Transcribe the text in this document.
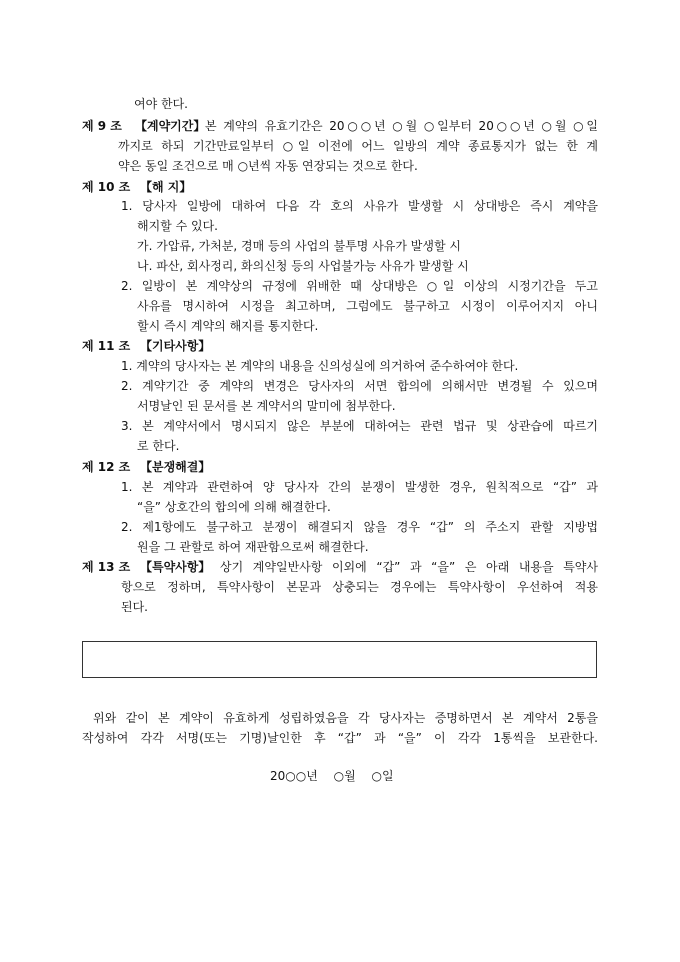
여야 한다.
제 9 조 【계약기간】 본 계약의 유효기간은 20○○년 ○월 ○일부터 20○○년 ○월 ○일
까지로 하되 기간만료일부터 ○일 이전에 어느 일방의 계약 종료통지가 없는 한 계
약은 동일 조건으로 매 ○년씩 자동 연장되는 것으로 한다.
제 10 조 【해 지】
1. 당사자 일방에 대하여 다음 각 호의 사유가 발생할 시 상대방은 즉시 계약을
해지할 수 있다.
가. 가압류, 가처분, 경매 등의 사업의 불투명 사유가 발생할 시
나. 파산, 회사정리, 화의신청 등의 사업불가능 사유가 발생할 시
2. 일방이 본 계약상의 규정에 위배한 때 상대방은 ○일 이상의 시정기간을 두고
사유를 명시하여 시정을 최고하며, 그럼에도 불구하고 시정이 이루어지지 아니
할시 즉시 계약의 해지를 통지한다.
제 11 조 【기타사항】
1. 계약의 당사자는 본 계약의 내용을 신의성실에 의거하여 준수하여야 한다.
2. 계약기간 중 계약의 변경은 당사자의 서면 합의에 의해서만 변경될 수 있으며
서명날인 된 문서를 본 계약서의 말미에 첨부한다.
3. 본 계약서에서 명시되지 않은 부분에 대하여는 관련 법규 및 상관습에 따르기
로 한다.
제 12 조 【분쟁해결】
1. 본 계약과 관련하여 양 당사자 간의 분쟁이 발생한 경우, 원칙적으로 “갑” 과
“을” 상호간의 합의에 의해 해결한다.
2. 제1항에도 불구하고 분쟁이 해결되지 않을 경우 “갑” 의 주소지 관할 지방법
원을 그 관할로 하여 재판함으로써 해결한다.
제 13 조 【특약사항】 상기 계약일반사항 이외에 “갑” 과 “을” 은 아래 내용을 특약사
항으로 정하며, 특약사항이 본문과 상충되는 경우에는 특약사항이 우선하여 적용
된다.
위와 같이 본 계약이 유효하게 성립하였음을 각 당사자는 증명하면서 본 계약서 2통을
작성하여 각각 서명(또는 기명)날인한 후 “갑” 과 “을” 이 각각 1통씩을 보관한다.
20○○년 ○월 ○일
